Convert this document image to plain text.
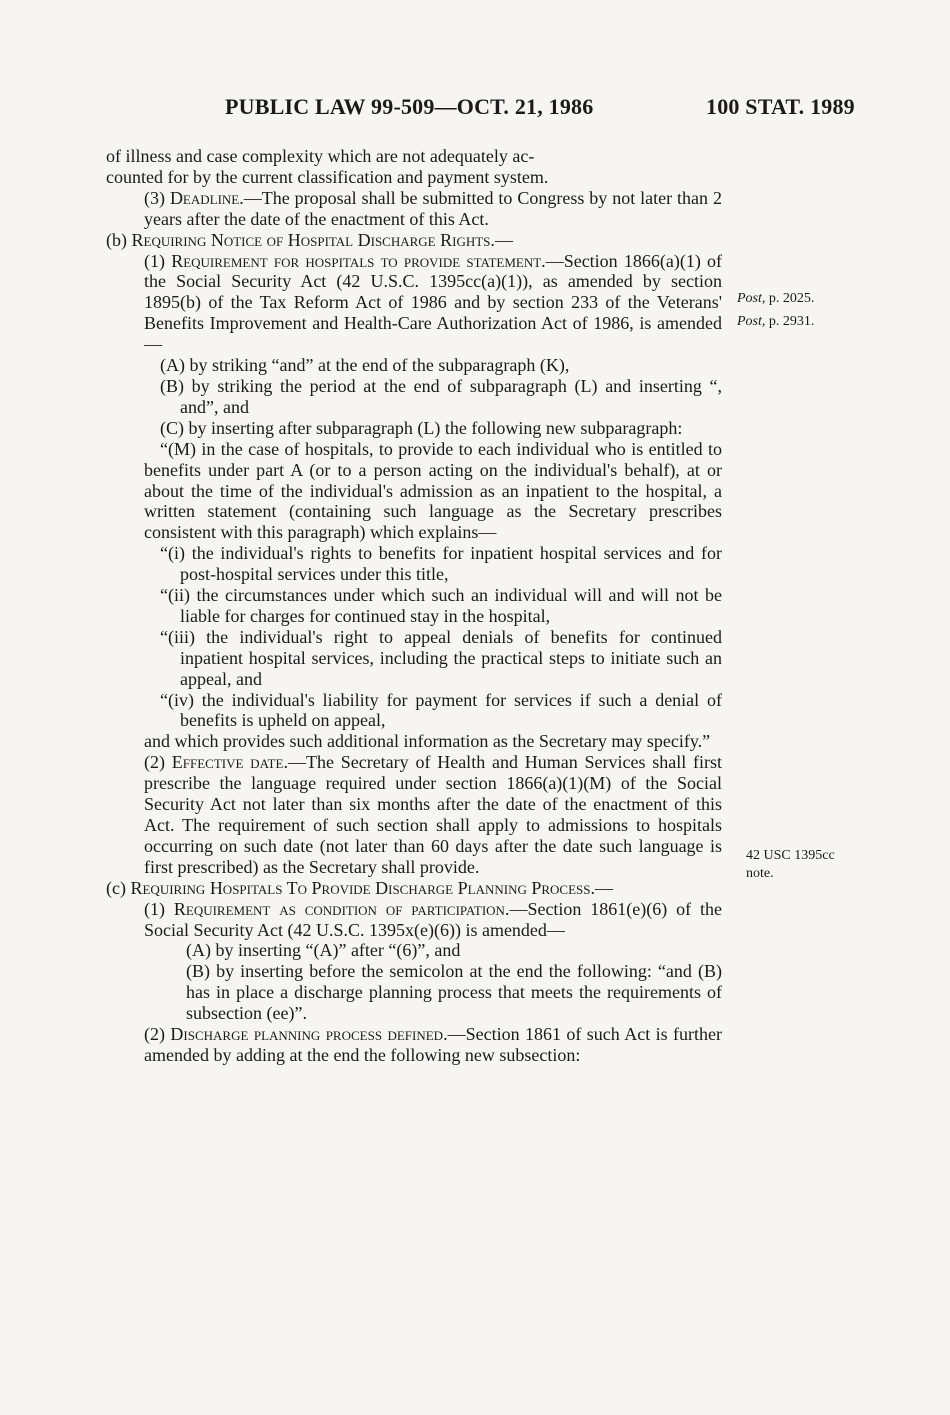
PUBLIC LAW 99-509—OCT. 21, 1986	100 STAT. 1989

of illness and case complexity which are not adequately ac-

counted for by the current classification and payment system.

(3) Deadline.—The proposal shall be submitted to Congress by not later than 2 years after the date of the enactment of this Act.

(b) Requiring Notice of Hospital Discharge Rights.—

(1) Requirement for hospitals to provide statement.—Section 1866(a)(1) of the Social Security Act (42 U.S.C. 1395cc(a)(1)), as amended by section 1895(b) of the Tax Reform Act of 1986 and by section 233 of the Veterans' Benefits Improvement and Health-Care Authorization Act of 1986, is amended—

(A) by striking “and” at the end of the subparagraph (K),

(B) by striking the period at the end of subparagraph (L) and inserting “, and”, and

(C) by inserting after subparagraph (L) the following new subparagraph:

“(M) in the case of hospitals, to provide to each individual who is entitled to benefits under part A (or to a person acting on the individual's behalf), at or about the time of the individual's admission as an inpatient to the hospital, a written statement (containing such language as the Secretary prescribes consistent with this paragraph) which explains—

“(i) the individual's rights to benefits for inpatient hospital services and for post-hospital services under this title,

“(ii) the circumstances under which such an individual will and will not be liable for charges for continued stay in the hospital,

“(iii) the individual's right to appeal denials of benefits for continued inpatient hospital services, including the practical steps to initiate such an appeal, and

“(iv) the individual's liability for payment for services if such a denial of benefits is upheld on appeal,

and which provides such additional information as the Secretary may specify.”

(2) Effective date.—The Secretary of Health and Human Services shall first prescribe the language required under section 1866(a)(1)(M) of the Social Security Act not later than six months after the date of the enactment of this Act. The requirement of such section shall apply to admissions to hospitals occurring on such date (not later than 60 days after the date such language is first prescribed) as the Secretary shall provide.

(c) Requiring Hospitals To Provide Discharge Planning Process.—

(1) Requirement as condition of participation.—Section 1861(e)(6) of the Social Security Act (42 U.S.C. 1395x(e)(6)) is amended—

(A) by inserting “(A)” after “(6)”, and

(B) by inserting before the semicolon at the end the following: “and (B) has in place a discharge planning process that meets the requirements of subsection (ee)”.

(2) Discharge planning process defined.—Section 1861 of such Act is further amended by adding at the end the following new subsection:

Post, p. 2025.
Post, p. 2931.
42 USC 1395cc
note.
